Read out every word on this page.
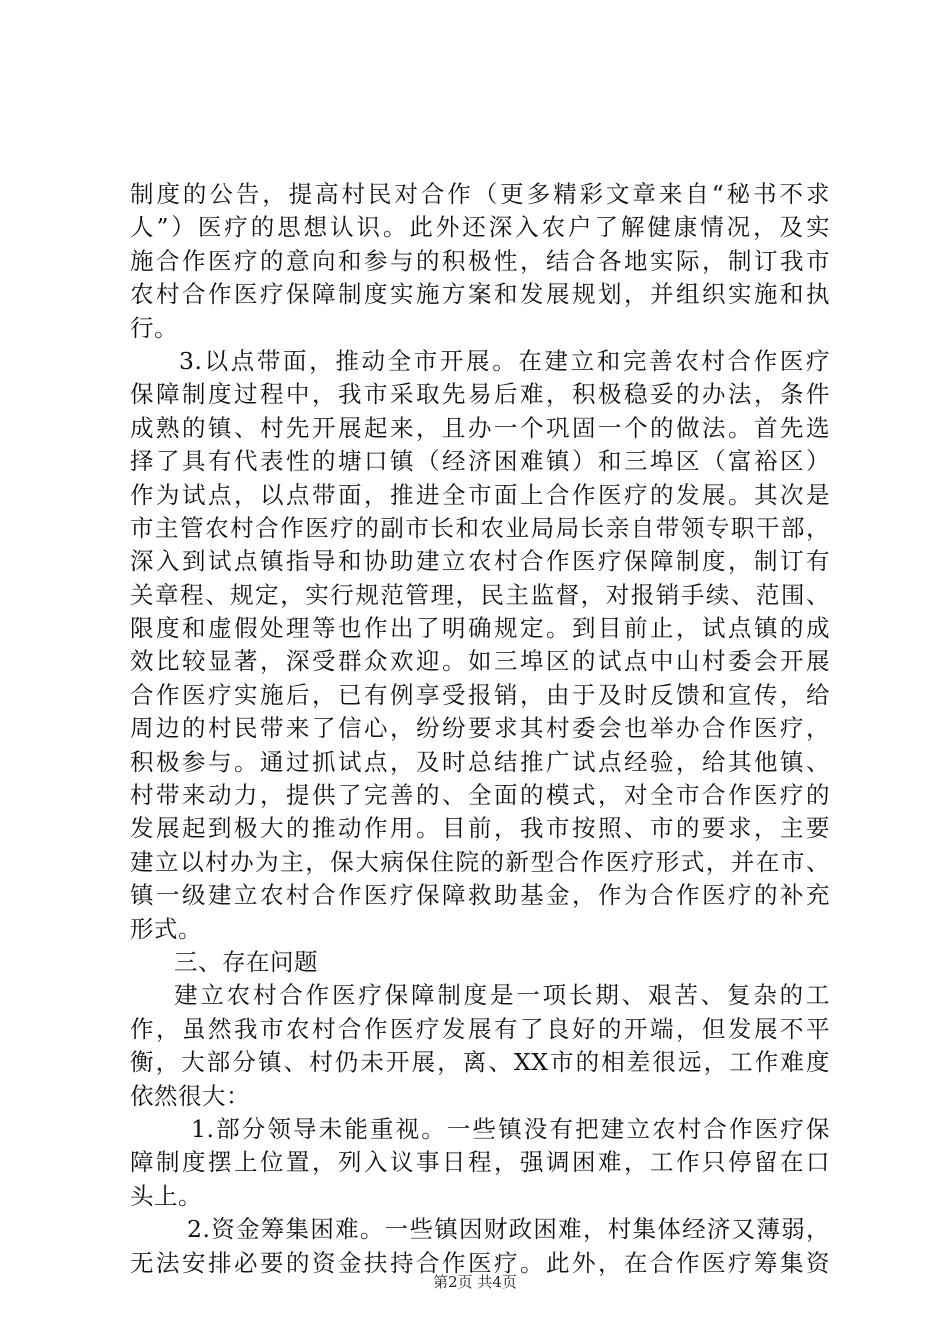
制度的公告，提高村民对合作（更多精彩文章来自“秘书不求
人”）医疗的思想认识。此外还深入农户了解健康情况，及实
施合作医疗的意向和参与的积极性，结合各地实际，制订我市
农村合作医疗保障制度实施方案和发展规划，并组织实施和执
行。
3.以点带面，推动全市开展。在建立和完善农村合作医疗
保障制度过程中，我市采取先易后难，积极稳妥的办法，条件
成熟的镇、村先开展起来，且办一个巩固一个的做法。首先选
择了具有代表性的塘口镇（经济困难镇）和三埠区（富裕区）
作为试点，以点带面，推进全市面上合作医疗的发展。其次是
市主管农村合作医疗的副市长和农业局局长亲自带领专职干部，
深入到试点镇指导和协助建立农村合作医疗保障制度，制订有
关章程、规定，实行规范管理，民主监督，对报销手续、范围、
限度和虚假处理等也作出了明确规定。到目前止，试点镇的成
效比较显著，深受群众欢迎。如三埠区的试点中山村委会开展
合作医疗实施后，已有例享受报销，由于及时反馈和宣传，给
周边的村民带来了信心，纷纷要求其村委会也举办合作医疗，
积极参与。通过抓试点，及时总结推广试点经验，给其他镇、
村带来动力，提供了完善的、全面的模式，对全市合作医疗的
发展起到极大的推动作用。目前，我市按照、市的要求，主要
建立以村办为主，保大病保住院的新型合作医疗形式，并在市、
镇一级建立农村合作医疗保障救助基金，作为合作医疗的补充
形式。
三、存在问题
建立农村合作医疗保障制度是一项长期、艰苦、复杂的工
作，虽然我市农村合作医疗发展有了良好的开端，但发展不平
衡，大部分镇、村仍未开展，离、XX市的相差很远，工作难度
依然很大：
1.部分领导未能重视。一些镇没有把建立农村合作医疗保
障制度摆上位置，列入议事日程，强调困难，工作只停留在口
头上。
2.资金筹集困难。一些镇因财政困难，村集体经济又薄弱，
无法安排必要的资金扶持合作医疗。此外，在合作医疗筹集资
第2页 共4页
